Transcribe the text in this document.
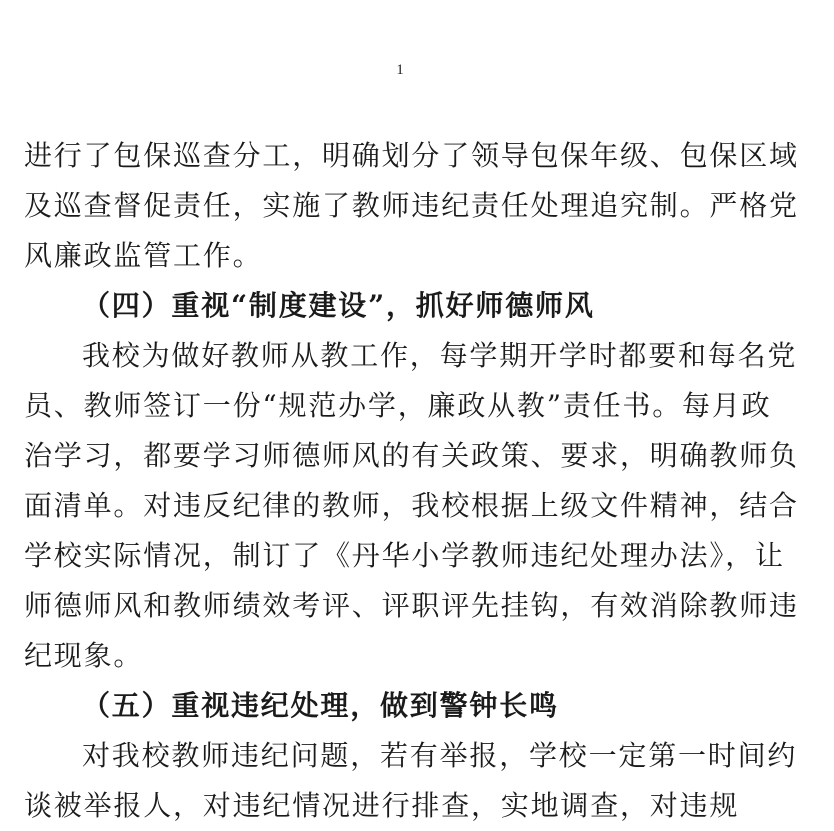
1
进行了包保巡查分工，明确划分了领导包保年级、包保区域
及巡查督促责任，实施了教师违纪责任处理追究制。严格党
风廉政监管工作。
（四）重视“制度建设”，抓好师德师风
我校为做好教师从教工作，每学期开学时都要和每名党
员、教师签订一份“规范办学，廉政从教”责任书。每月政
治学习，都要学习师德师风的有关政策、要求，明确教师负
面清单。对违反纪律的教师，我校根据上级文件精神，结合
学校实际情况，制订了《丹华小学教师违纪处理办法》，让
师德师风和教师绩效考评、评职评先挂钩，有效消除教师违
纪现象。
（五）重视违纪处理，做到警钟长鸣
对我校教师违纪问题，若有举报，学校一定第一时间约
谈被举报人，对违纪情况进行排查，实地调查，对违规
